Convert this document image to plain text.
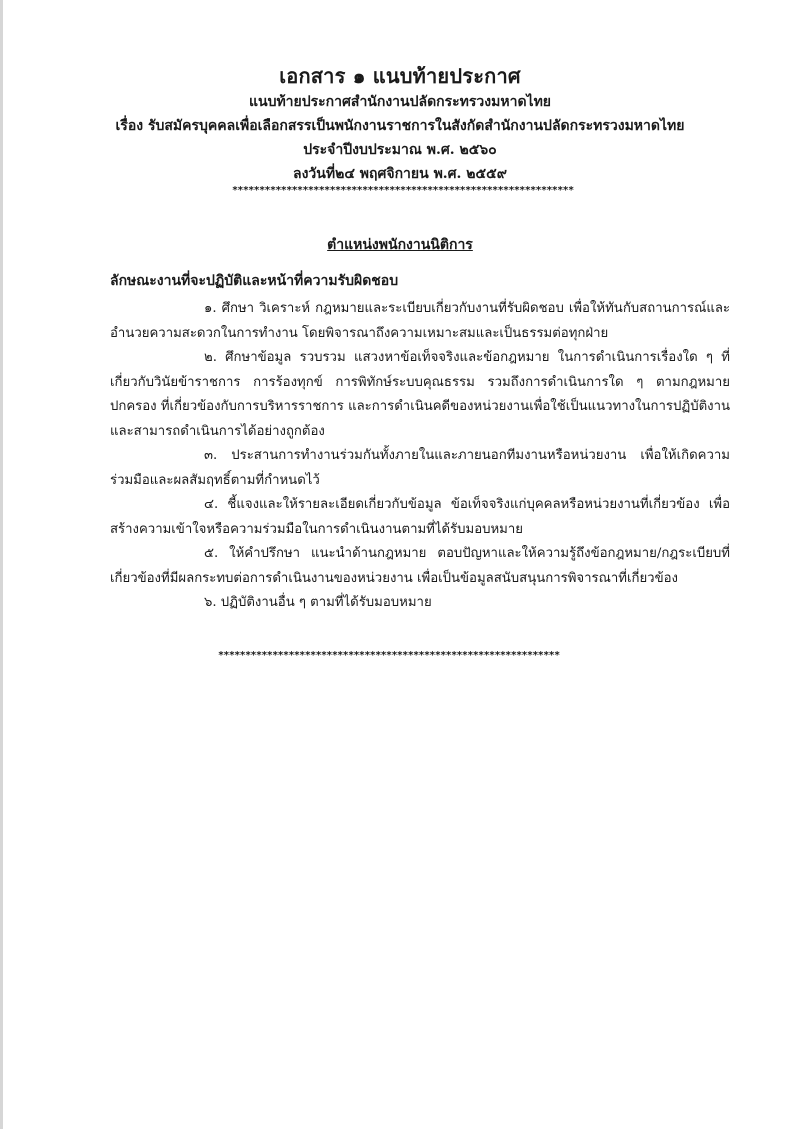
เอกสาร ๑ แนบท้ายประกาศ
แนบท้ายประกาศสำนักงานปลัดกระทรวงมหาดไทย
เรื่อง รับสมัครบุคคลเพื่อเลือกสรรเป็นพนักงานราชการในสังกัดสำนักงานปลัดกระทรวงมหาดไทย
ประจำปีงบประมาณ พ.ศ. ๒๕๖๐
ลงวันที่๒๔ พฤศจิกายน พ.ศ. ๒๕๕๙
***************************************************************
ตำแหน่งพนักงานนิติการ
ลักษณะงานที่จะปฏิบัติและหน้าที่ความรับผิดชอบ

๑. ศึกษา วิเคราะห์ กฎหมายและระเบียบเกี่ยวกับงานที่รับผิดชอบ เพื่อให้ทันกับสถานการณ์และอำนวยความสะดวกในการทำงาน โดยพิจารณาถึงความเหมาะสมและเป็นธรรมต่อทุกฝ่าย

๒. ศึกษาข้อมูล รวบรวม แสวงหาข้อเท็จจริงและข้อกฎหมาย ในการดำเนินการเรื่องใด ๆ ที่เกี่ยวกับวินัยข้าราชการ การร้องทุกข์ การพิทักษ์ระบบคุณธรรม รวมถึงการดำเนินการใด ๆ ตามกฎหมายปกครอง ที่เกี่ยวข้องกับการบริหารราชการ และการดำเนินคดีของหน่วยงานเพื่อใช้เป็นแนวทางในการปฏิบัติงานและสามารถดำเนินการได้อย่างถูกต้อง

๓. ประสานการทำงานร่วมกันทั้งภายในและภายนอกทีมงานหรือหน่วยงาน เพื่อให้เกิดความร่วมมือและผลสัมฤทธิ์ตามที่กำหนดไว้

๔. ชี้แจงและให้รายละเอียดเกี่ยวกับข้อมูล ข้อเท็จจริงแก่บุคคลหรือหน่วยงานที่เกี่ยวข้อง เพื่อสร้างความเข้าใจหรือความร่วมมือในการดำเนินงานตามที่ได้รับมอบหมาย

๕. ให้คำปรึกษา แนะนำด้านกฎหมาย ตอบปัญหาและให้ความรู้ถึงข้อกฎหมาย/กฎระเบียบที่เกี่ยวข้องที่มีผลกระทบต่อการดำเนินงานของหน่วยงาน เพื่อเป็นข้อมูลสนับสนุนการพิจารณาที่เกี่ยวข้อง

๖. ปฏิบัติงานอื่น ๆ ตามที่ได้รับมอบหมาย

***************************************************************
